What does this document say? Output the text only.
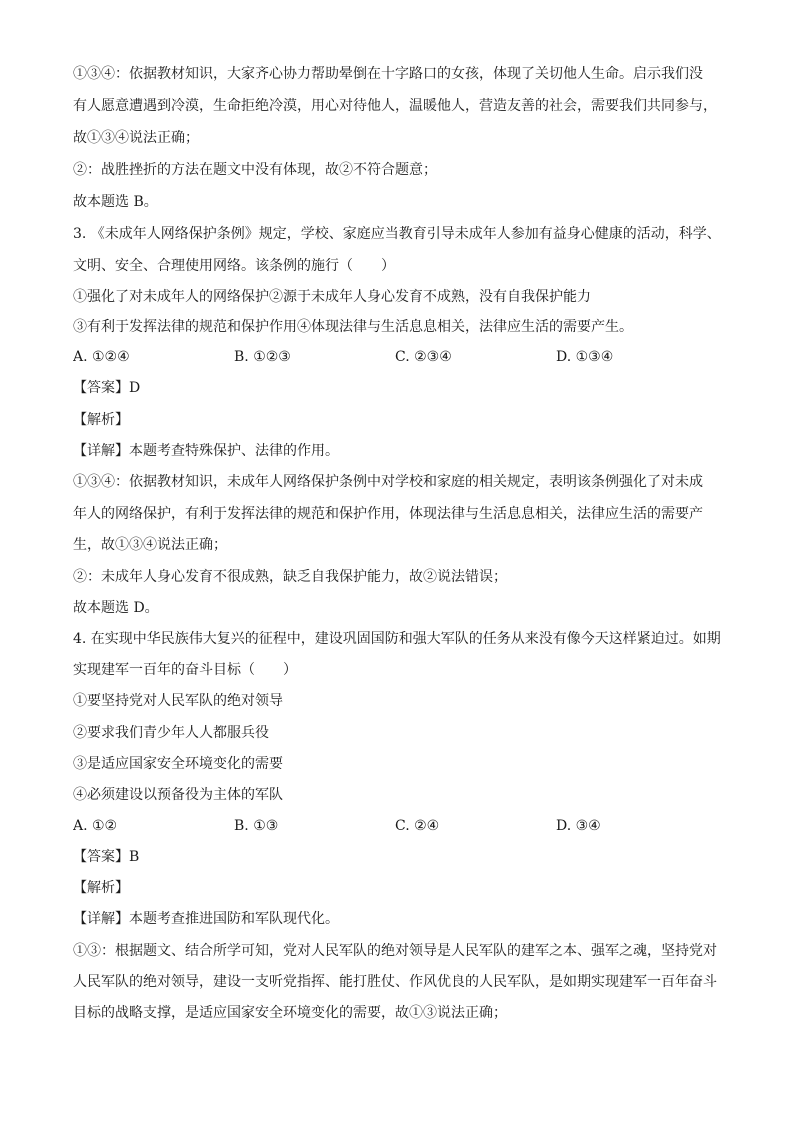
①③④：依据教材知识，大家齐心协力帮助晕倒在十字路口的女孩，体现了关切他人生命。启示我们没
有人愿意遭遇到冷漠，生命拒绝冷漠，用心对待他人，温暖他人，营造友善的社会，需要我们共同参与，
故①③④说法正确；
②：战胜挫折的方法在题文中没有体现，故②不符合题意；
故本题选 B。
3. 《未成年人网络保护条例》规定，学校、家庭应当教育引导未成年人参加有益身心健康的活动，科学、
文明、安全、合理使用网络。该条例的施行（　　）
①强化了对未成年人的网络保护②源于未成年人身心发育不成熟，没有自我保护能力
③有利于发挥法律的规范和保护作用④体现法律与生活息息相关，法律应生活的需要产生。
A. ①②④	B. ①②③	C. ②③④	D. ①③④
【答案】D
【解析】
【详解】本题考查特殊保护、法律的作用。
①③④：依据教材知识，未成年人网络保护条例中对学校和家庭的相关规定，表明该条例强化了对未成
年人的网络保护，有利于发挥法律的规范和保护作用，体现法律与生活息息相关，法律应生活的需要产
生，故①③④说法正确；
②：未成年人身心发育不很成熟，缺乏自我保护能力，故②说法错误；
故本题选 D。
4. 在实现中华民族伟大复兴的征程中，建设巩固国防和强大军队的任务从来没有像今天这样紧迫过。如期
实现建军一百年的奋斗目标（　　）
①要坚持党对人民军队的绝对领导
②要求我们青少年人人都服兵役
③是适应国家安全环境变化的需要
④必须建设以预备役为主体的军队
A. ①②	B. ①③	C. ②④	D. ③④
【答案】B
【解析】
【详解】本题考查推进国防和军队现代化。
①③：根据题文、结合所学可知，党对人民军队的绝对领导是人民军队的建军之本、强军之魂，坚持党对
人民军队的绝对领导，建设一支听党指挥、能打胜仗、作风优良的人民军队，是如期实现建军一百年奋斗
目标的战略支撑，是适应国家安全环境变化的需要，故①③说法正确；
